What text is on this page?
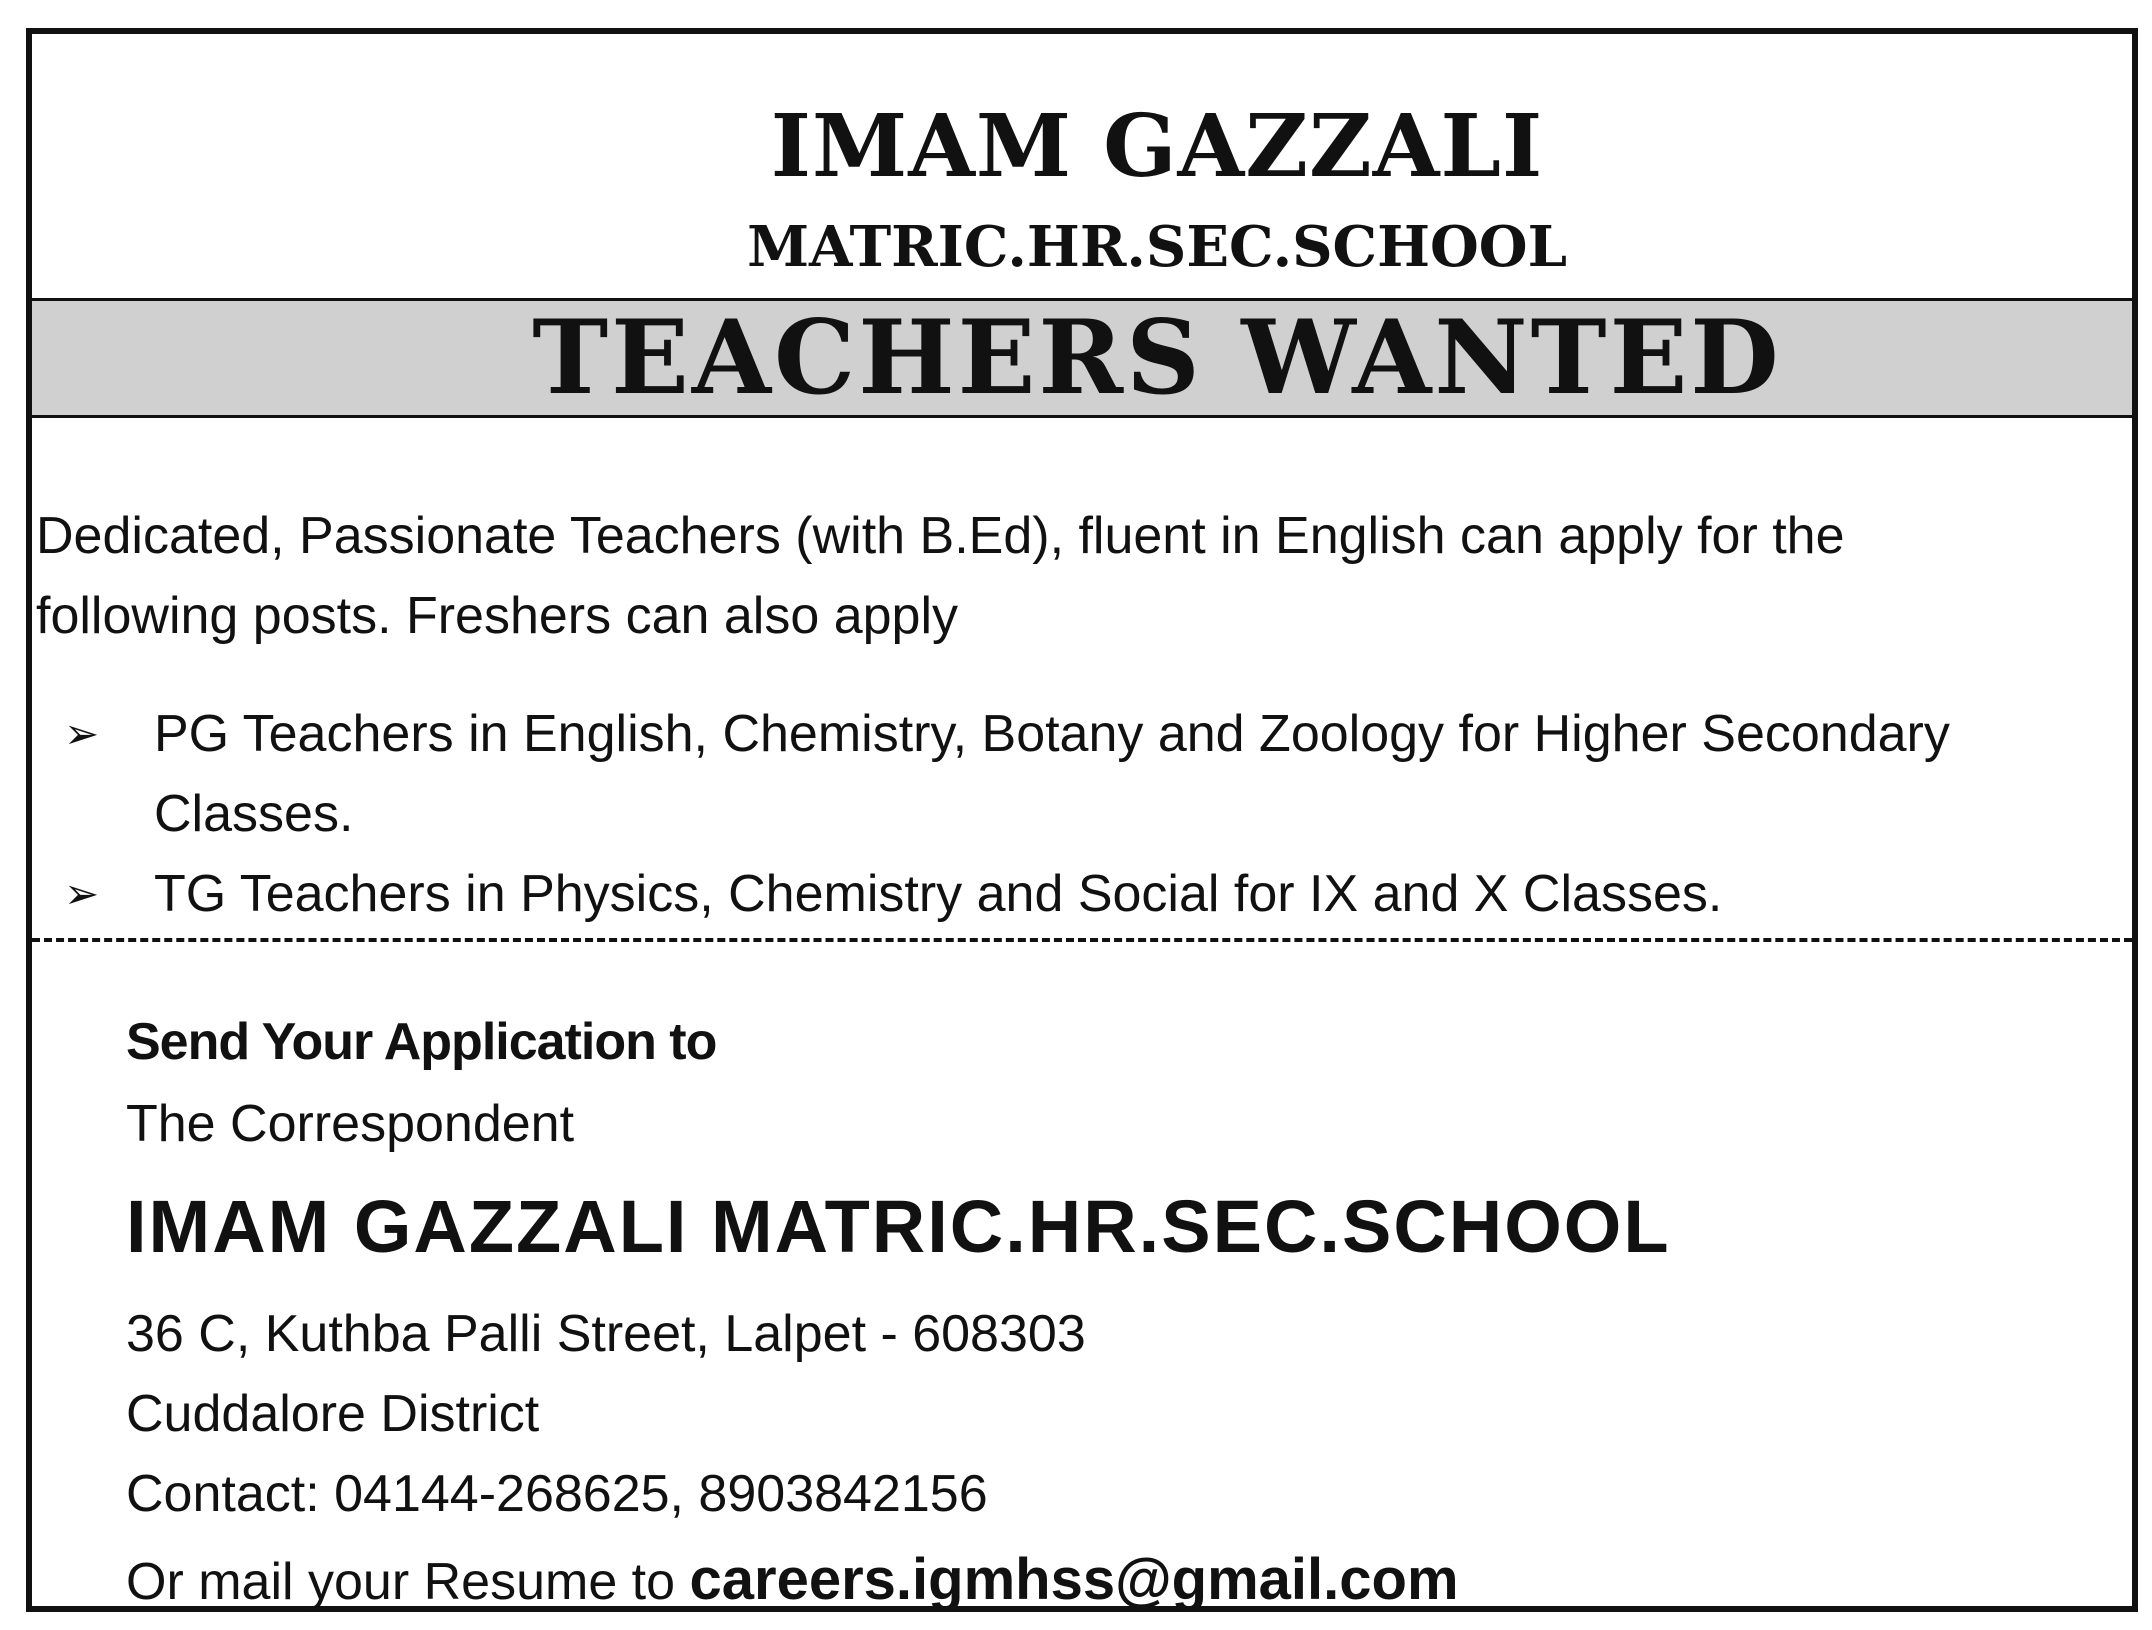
IMAM GAZZALI
MATRIC.HR.SEC.SCHOOL
TEACHERS WANTED
Dedicated, Passionate Teachers (with B.Ed), fluent in English can apply for the
following posts. Freshers can also apply
➢ PG Teachers in English, Chemistry, Botany and Zoology for Higher Secondary
Classes.
➢ TG Teachers in Physics, Chemistry and Social for IX and X Classes.
Send Your Application to
The Correspondent
IMAM GAZZALI MATRIC.HR.SEC.SCHOOL
36 C, Kuthba Palli Street, Lalpet - 608303
Cuddalore District
Contact: 04144-268625, 8903842156
Or mail your Resume to careers.igmhss@gmail.com
